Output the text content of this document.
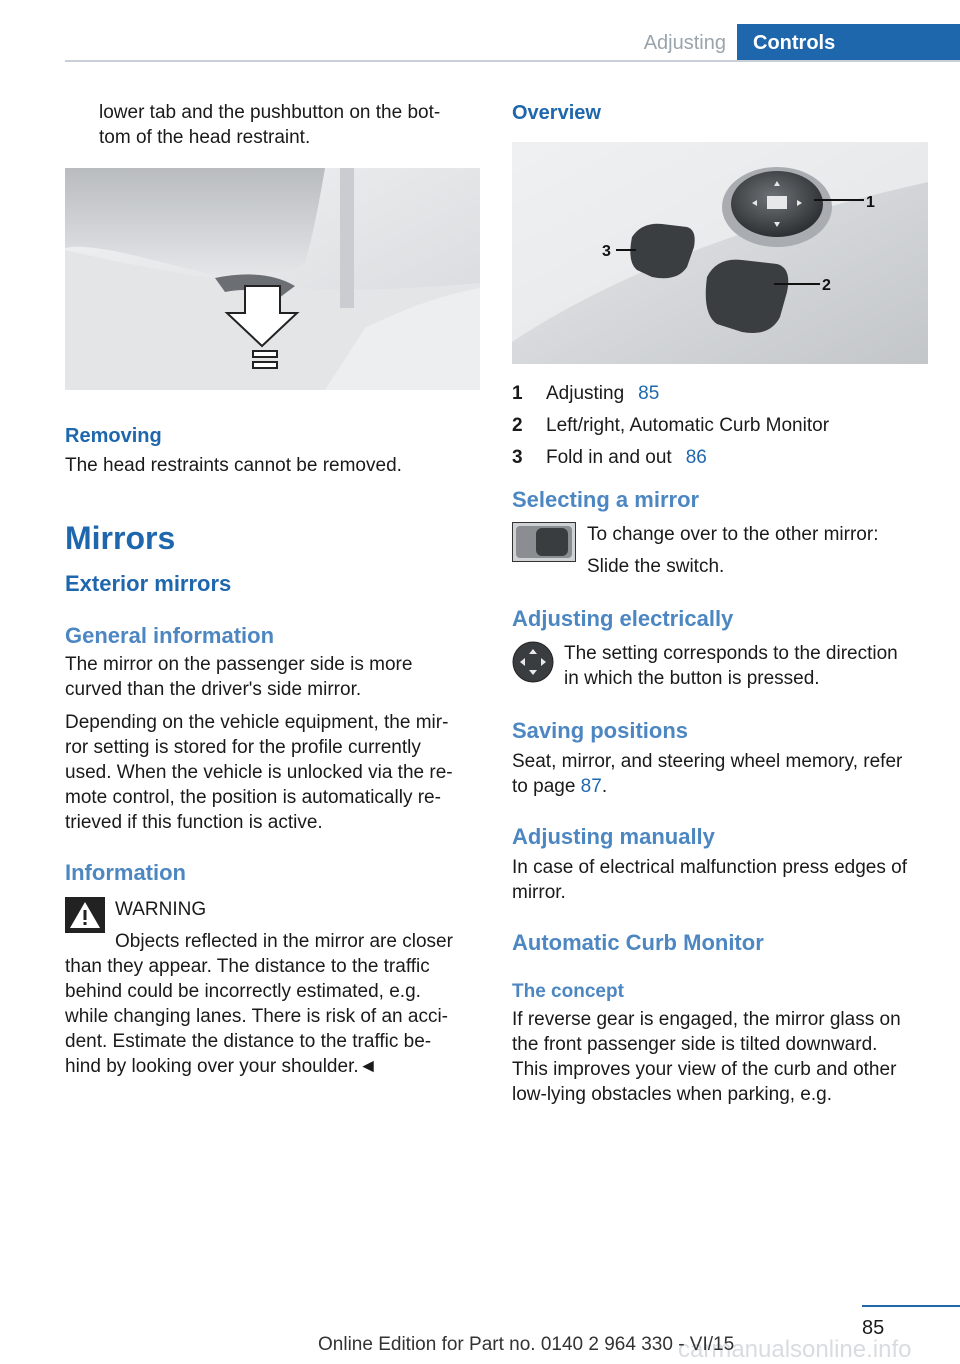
Adjusting	Controls

lower tab and the pushbutton on the bot-

tom of the head restraint.

Removing

The head restraints cannot be removed.

Mirrors
Exterior mirrors
General information

The mirror on the passenger side is more

curved than the driver's side mirror.

Depending on the vehicle equipment, the mir-

ror setting is stored for the profile currently

used. When the vehicle is unlocked via the re-

mote control, the position is automatically re-

trieved if this function is active.

Information

WARNING

Objects reflected in the mirror are closer

than they appear. The distance to the traffic

behind could be incorrectly estimated, e.g.

while changing lanes. There is risk of an acci-

dent. Estimate the distance to the traffic be-

hind by looking over your shoulder.◄

Overview
1
2
3
1	Adjusting 85
2	Left/right, Automatic Curb Monitor
3	Fold in and out 86
Selecting a mirror

To change over to the other mirror:

Slide the switch.

Adjusting electrically

The setting corresponds to the direction

in which the button is pressed.

Saving positions

Seat, mirror, and steering wheel memory, refer

to page 87.

Adjusting manually

In case of electrical malfunction press edges of

mirror.

Automatic Curb Monitor
The concept

If reverse gear is engaged, the mirror glass on

the front passenger side is tilted downward.

This improves your view of the curb and other

low-lying obstacles when parking, e.g.

85
carmanualsonline.info
Online Edition for Part no. 0140 2 964 330 - VI/15
